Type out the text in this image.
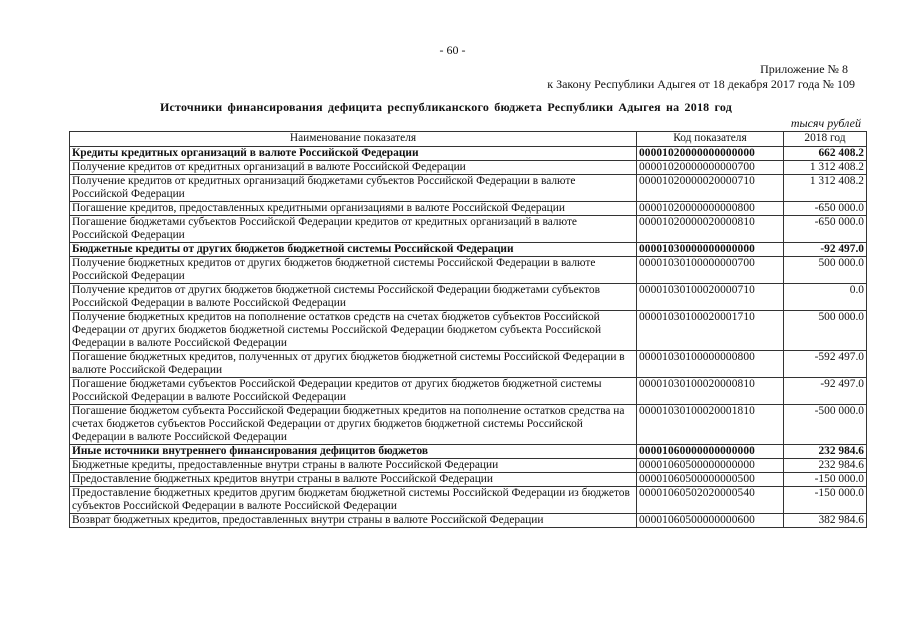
- 60 -
Приложение № 8
к Закону Республики Адыгея от 18 декабря 2017 года № 109
Источники финансирования дефицита республиканского бюджета Республики Адыгея на 2018 год
тысяч рублей
Наименование показателя	Код показателя	2018 год
Кредиты кредитных организаций в валюте Российской Федерации	00001020000000000000	662 408.2
Получение кредитов от кредитных организаций в валюте Российской Федерации	00001020000000000700	1 312 408.2
Получение кредитов от кредитных организаций бюджетами субъектов Российской Федерации в валюте Российской Федерации	00001020000020000710	1 312 408.2
Погашение кредитов, предоставленных кредитными организациями в валюте Российской Федерации	00001020000000000800	-650 000.0
Погашение бюджетами субъектов Российской Федерации кредитов от кредитных организаций в валюте Российской Федерации	00001020000020000810	-650 000.0
Бюджетные кредиты от других бюджетов бюджетной системы Российской Федерации	00001030000000000000	-92 497.0
Получение бюджетных кредитов от других бюджетов бюджетной системы Российской Федерации в валюте Российской Федерации	00001030100000000700	500 000.0
Получение кредитов от других бюджетов бюджетной системы Российской Федерации бюджетами субъектов Российской Федерации в валюте Российской Федерации	00001030100020000710	0.0
Получение бюджетных кредитов на пополнение остатков средств на счетах бюджетов субъектов Российской Федерации от других бюджетов бюджетной системы Российской Федерации бюджетом субъекта Российской Федерации в валюте Российской Федерации	00001030100020001710	500 000.0
Погашение бюджетных кредитов, полученных от других бюджетов бюджетной системы Российской Федерации в валюте Российской Федерации	00001030100000000800	-592 497.0
Погашение бюджетами субъектов Российской Федерации кредитов от других бюджетов бюджетной системы Российской Федерации в валюте Российской Федерации	00001030100020000810	-92 497.0
Погашение бюджетом субъекта Российской Федерации бюджетных кредитов на пополнение остатков средства на счетах бюджетов субъектов Российской Федерации от других бюджетов бюджетной системы Российской Федерации в валюте Российской Федерации	00001030100020001810	-500 000.0
Иные источники внутреннего финансирования дефицитов бюджетов	00001060000000000000	232 984.6
Бюджетные кредиты, предоставленные внутри страны в валюте Российской Федерации	00001060500000000000	232 984.6
Предоставление бюджетных кредитов внутри страны в валюте Российской Федерации	00001060500000000500	-150 000.0
Предоставление бюджетных кредитов другим бюджетам бюджетной системы Российской Федерации из бюджетов субъектов Российской Федерации в валюте Российской Федерации	00001060502020000540	-150 000.0
Возврат бюджетных кредитов, предоставленных внутри страны в валюте Российской Федерации	00001060500000000600	382 984.6
